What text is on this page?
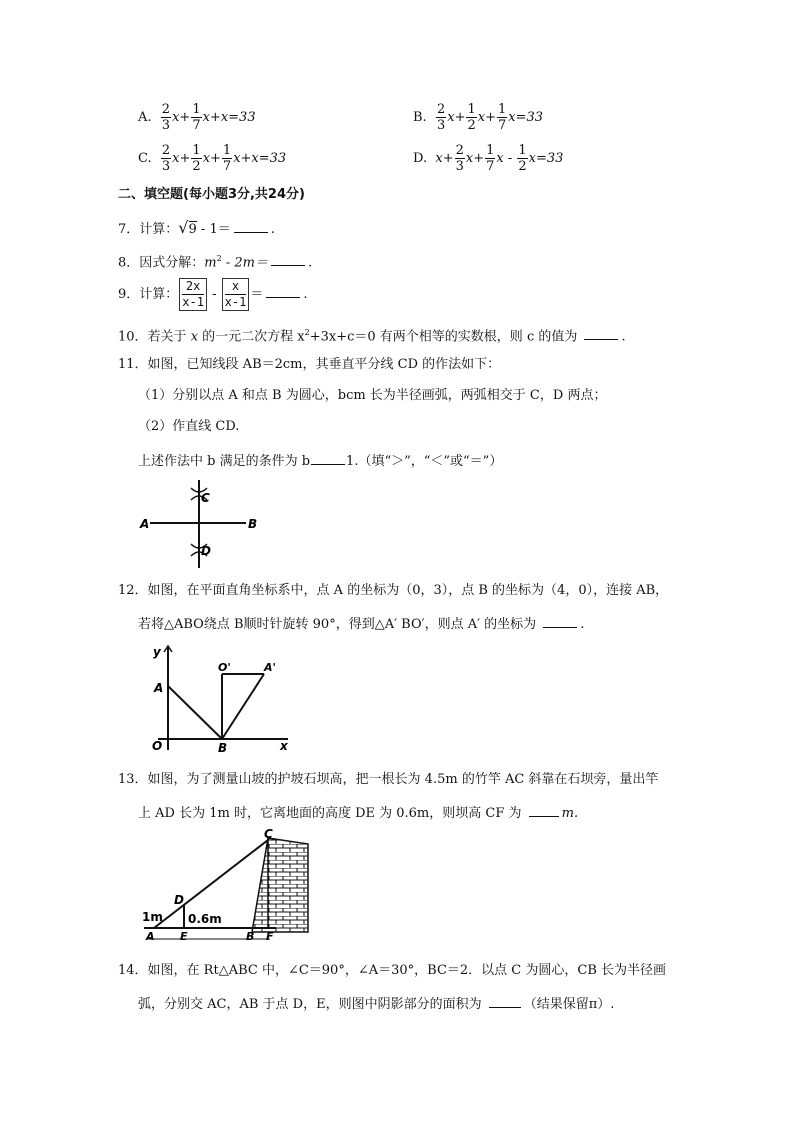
A. $\frac{2}{3} x+ \frac{1}{7} x+x=33$	B. $\frac{2}{3} x+ \frac{1}{2} x+ \frac{1}{7} x=33$
C. $\frac{2}{3} x+ \frac{1}{2} x+ \frac{1}{7} x+x=33$	D. $x+ \frac{2}{3} x+ \frac{1}{7}$ $x - \frac{1}{2} x=33$
二、填空题(每小题3分,共24分)
7．计算：√9 - 1＝	.
8．因式分解：$m^2 - 2m=$	.
9．计算： $\frac{2x}{x-1} - \frac{x}{x-1}$ ＝	.
10．若关于 x 的一元二次方程 $x^2+3x+c=0$ 有两个相等的实数根，则 c 的值为	.
11．如图，已知线段 AB＝2cm，其垂直平分线 CD 的作法如下：
（1）分别以点 A 和点 B 为圆心，bcm 长为半径画弧，两弧相交于 C，D 两点；
（2）作直线 CD.
上述作法中 b 满足的条件为 b	1.（填“＞”，“＜”或“＝”）
A	B
C
D
12．如图，在平面直角坐标系中，点 A 的坐标为（0，3），点 B 的坐标为（4，0），连接 AB，
若将△ABO绕点 B顺时针旋转 90°，得到△A′ BO′，则点 A′ 的坐标为	.
y
x
A
O	B
O'	A'
13．如图，为了测量山坡的护坡石坝高，把一根长为 4.5m 的竹竿 AC 斜靠在石坝旁，量出竿
上 AD 长为 1m 时，它离地面的高度 DE 为 0.6m，则坝高 CF 为	m.
C
D
A E	B F
1m 0.6m
14．如图，在 Rt△ABC 中，∠C＝90°，∠A＝30°，BC＝2．以点 C 为圆心，CB 长为半径画
弧，分别交 AC，AB 于点 D，E，则图中阴影部分的面积为	（结果保留π）.
